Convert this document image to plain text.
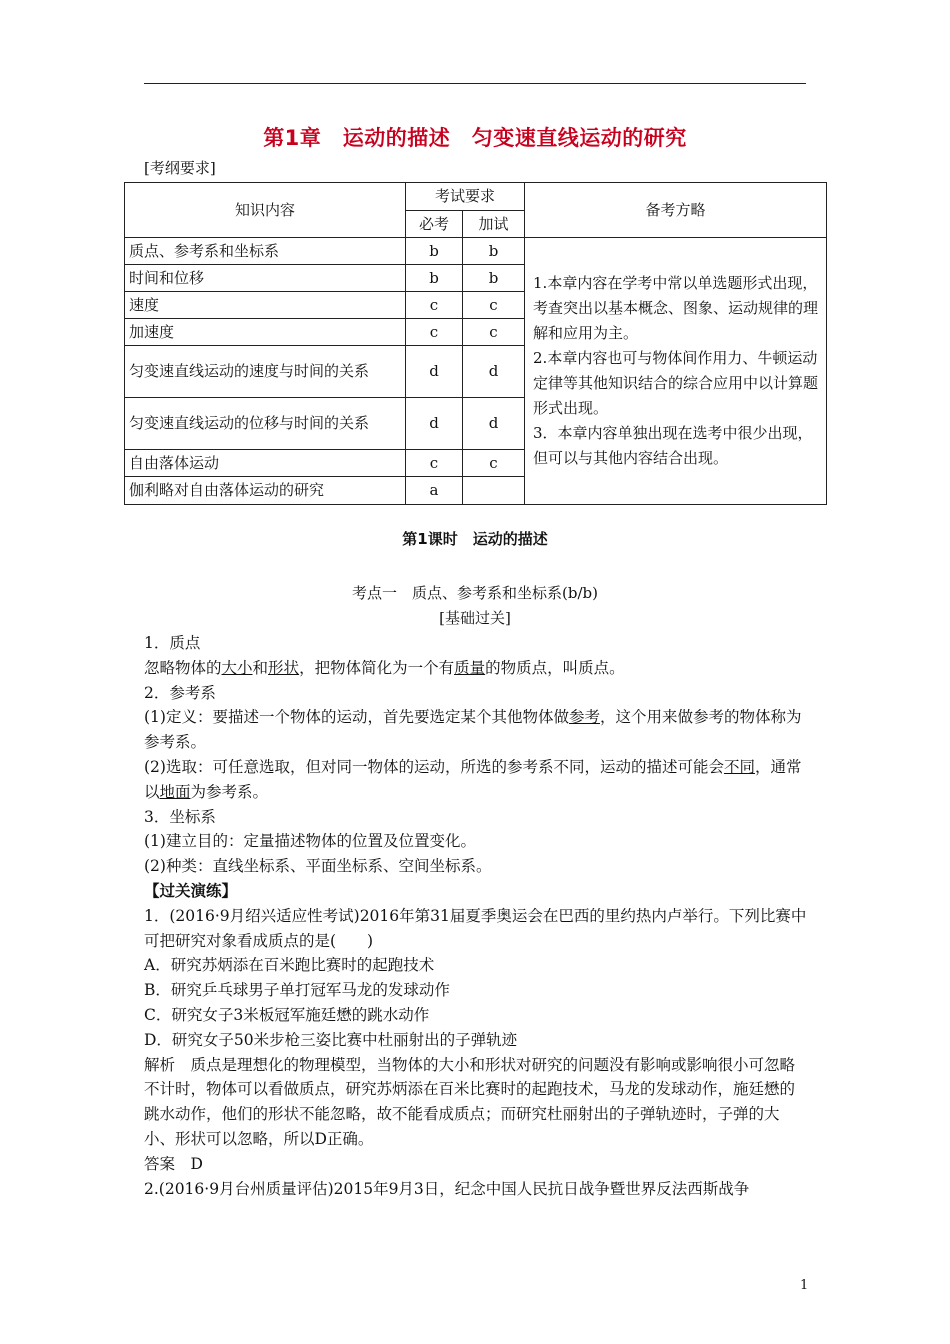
第1章　运动的描述　匀变速直线运动的研究
[考纲要求]
知识内容	考试要求		备考方略
	必考	加试	
质点、参考系和坐标系	b	b	1.本章内容在学考中常以单选题形式出现，考查突出以基本概念、图象、运动规律的理解和应用为主。
2.本章内容也可与物体间作用力、牛顿运动定律等其他知识结合的综合应用中以计算题形式出现。
3．本章内容单独出现在选考中很少出现，但可以与其他内容结合出现。

时间和位移	b	b	
速度	c	c	
加速度	c	c	
匀变速直线运动的速度与时间的关系	d	d	
匀变速直线运动的位移与时间的关系	d	d	
自由落体运动	c	c	
伽利略对自由落体运动的研究	a		
第1课时　运动的描述
考点一　质点、参考系和坐标系(b/b)
[基础过关]

1．质点

忽略物体的大小和形状，把物体简化为一个有质量的物质点，叫质点。

2．参考系

(1)定义：要描述一个物体的运动，首先要选定某个其他物体做参考，这个用来做参考的物体称为参考系。

(2)选取：可任意选取，但对同一物体的运动，所选的参考系不同，运动的描述可能会不同，通常以地面为参考系。

3．坐标系

(1)建立目的：定量描述物体的位置及位置变化。

(2)种类：直线坐标系、平面坐标系、空间坐标系。

【过关演练】

1．(2016·9月绍兴适应性考试)2016年第31届夏季奥运会在巴西的里约热内卢举行。下列比赛中可把研究对象看成质点的是(　　)

A．研究苏炳添在百米跑比赛时的起跑技术

B．研究乒乓球男子单打冠军马龙的发球动作

C．研究女子3米板冠军施廷懋的跳水动作

D．研究女子50米步枪三姿比赛中杜丽射出的子弹轨迹

解析　质点是理想化的物理模型，当物体的大小和形状对研究的问题没有影响或影响很小可忽略不计时，物体可以看做质点，研究苏炳添在百米比赛时的起跑技术，马龙的发球动作，施廷懋的跳水动作，他们的形状不能忽略，故不能看成质点；而研究杜丽射出的子弹轨迹时，子弹的大小、形状可以忽略，所以D正确。

答案　D

2.(2016·9月台州质量评估)2015年9月3日，纪念中国人民抗日战争暨世界反法西斯战争

1
